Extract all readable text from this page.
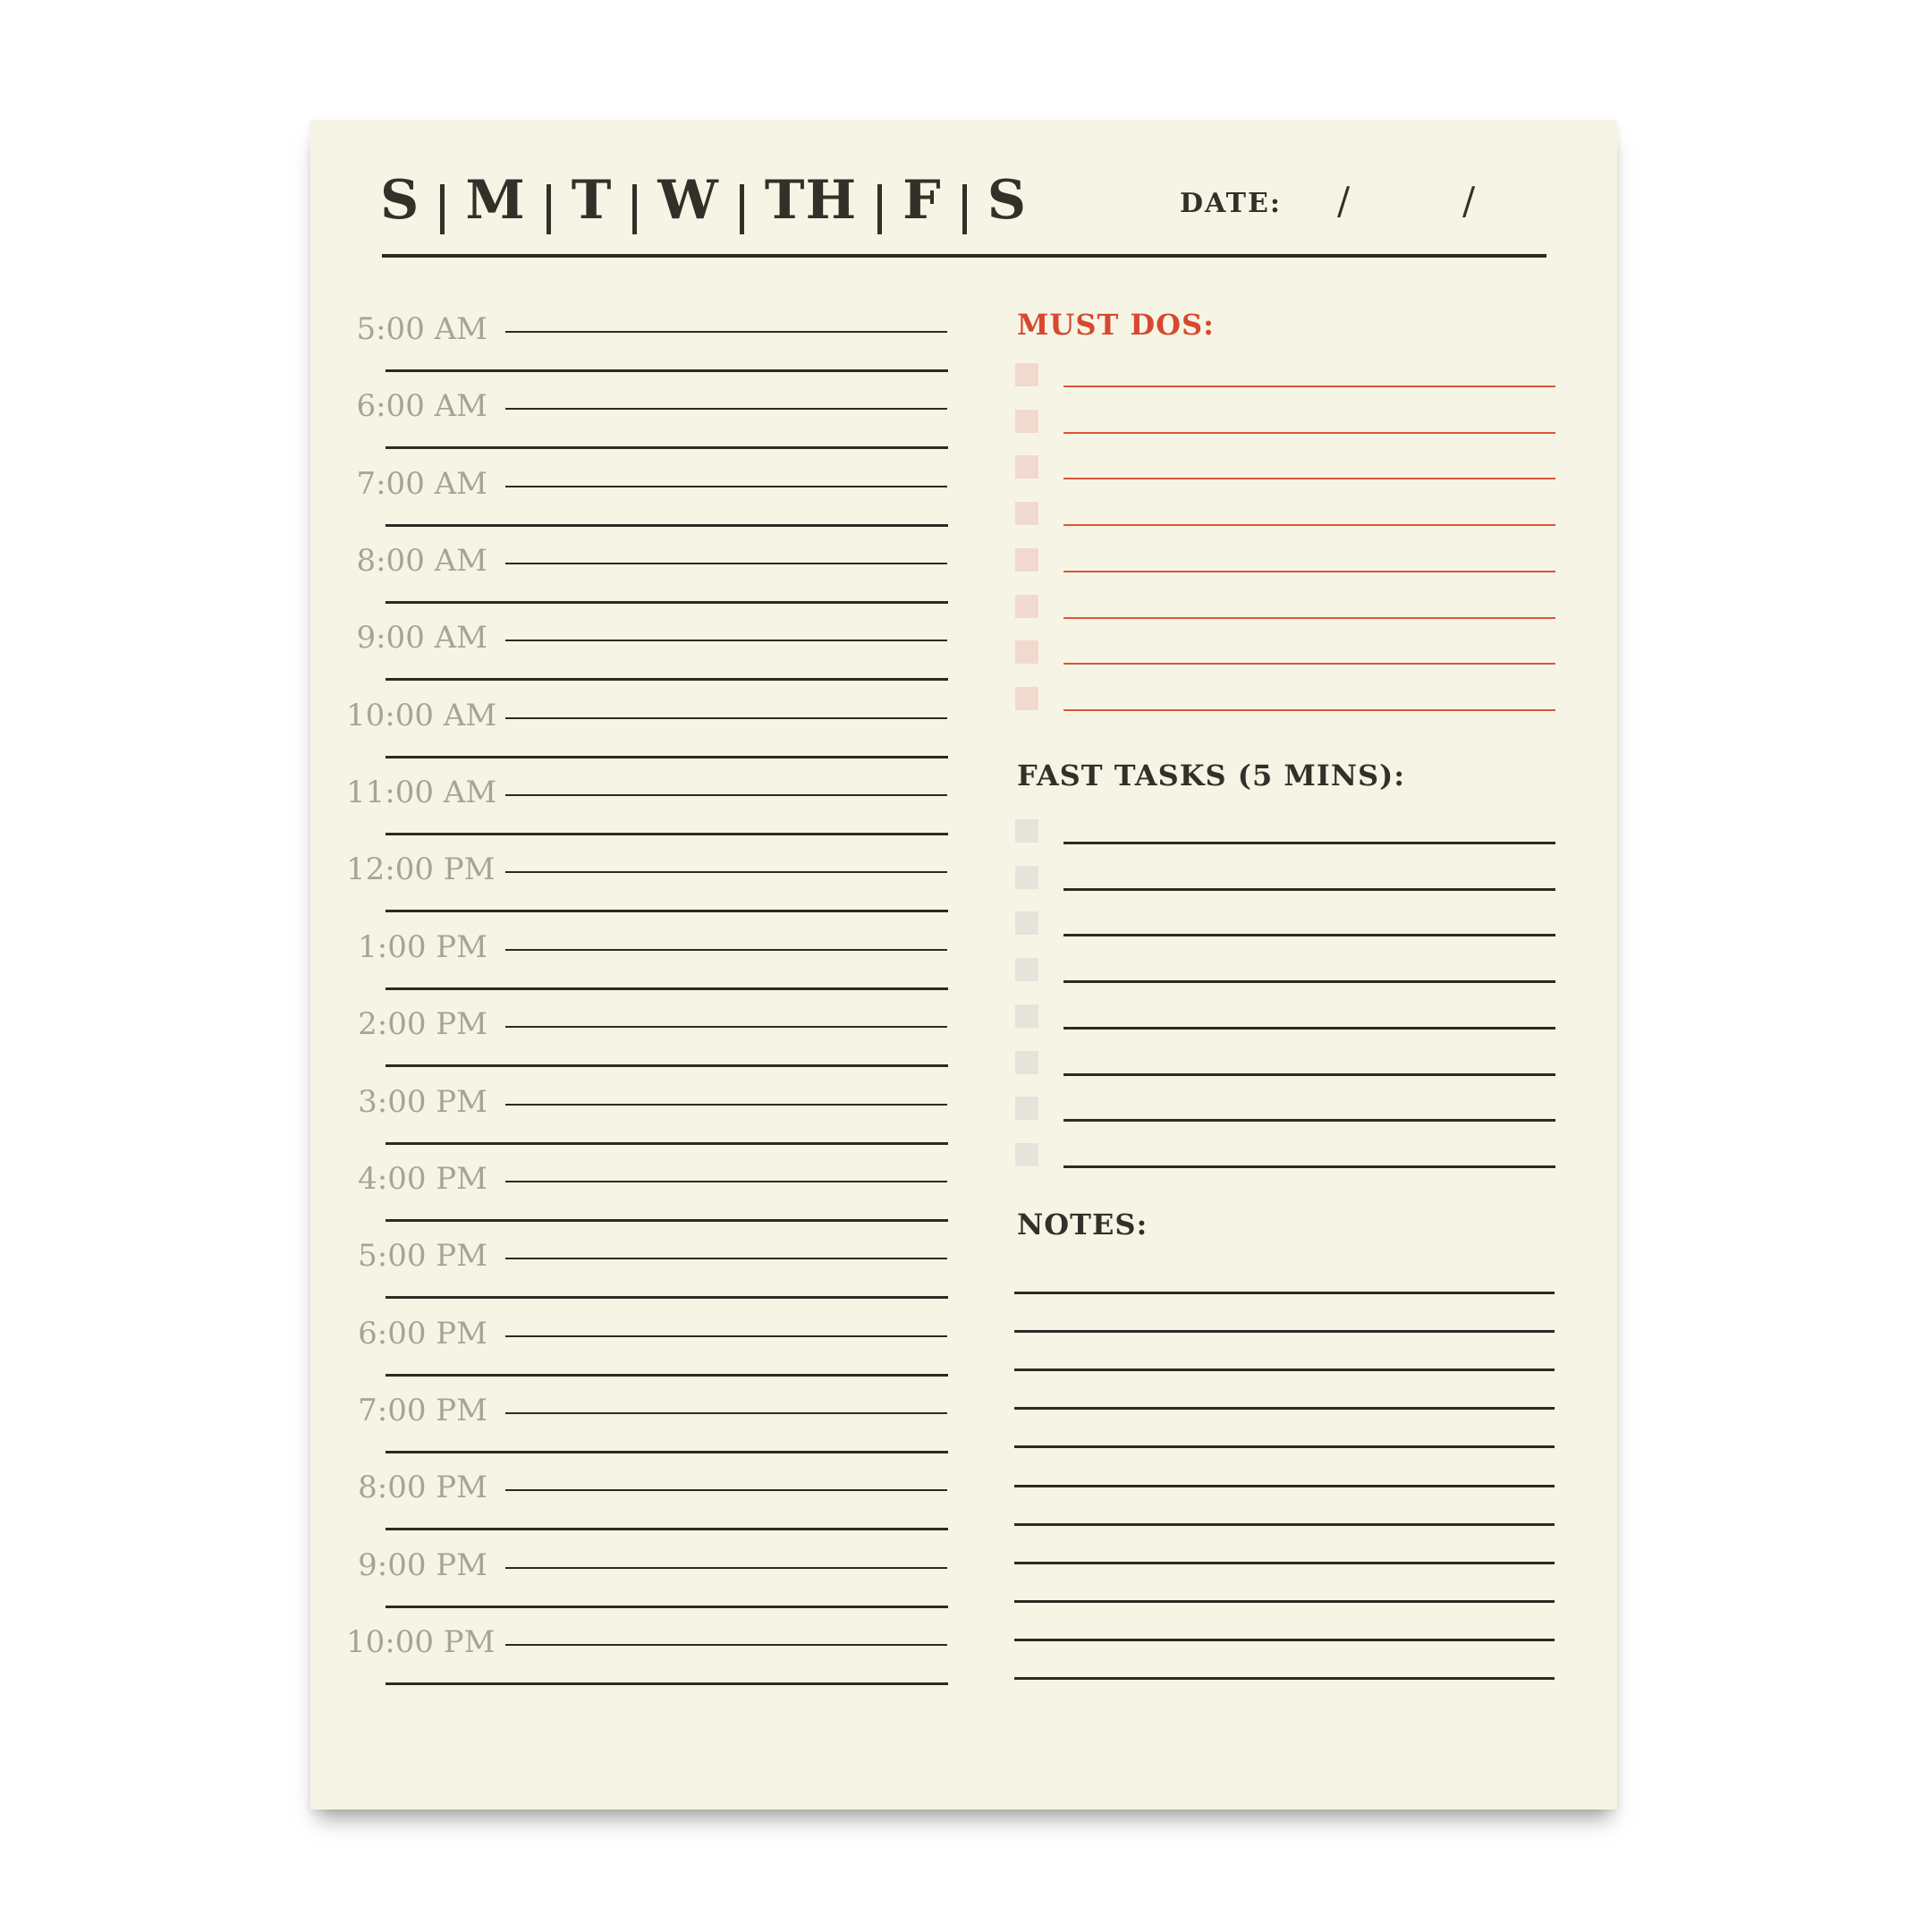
S M T W TH F S	DATE: /	/
5:00 AM
6:00 AM
7:00 AM
8:00 AM
9:00 AM
10:00 AM
11:00 AM
12:00 PM
1:00 PM
2:00 PM
3:00 PM
4:00 PM
5:00 PM
6:00 PM
7:00 PM
8:00 PM
9:00 PM
10:00 PM
MUST DOS:
FAST TASKS (5 MINS):
NOTES:
